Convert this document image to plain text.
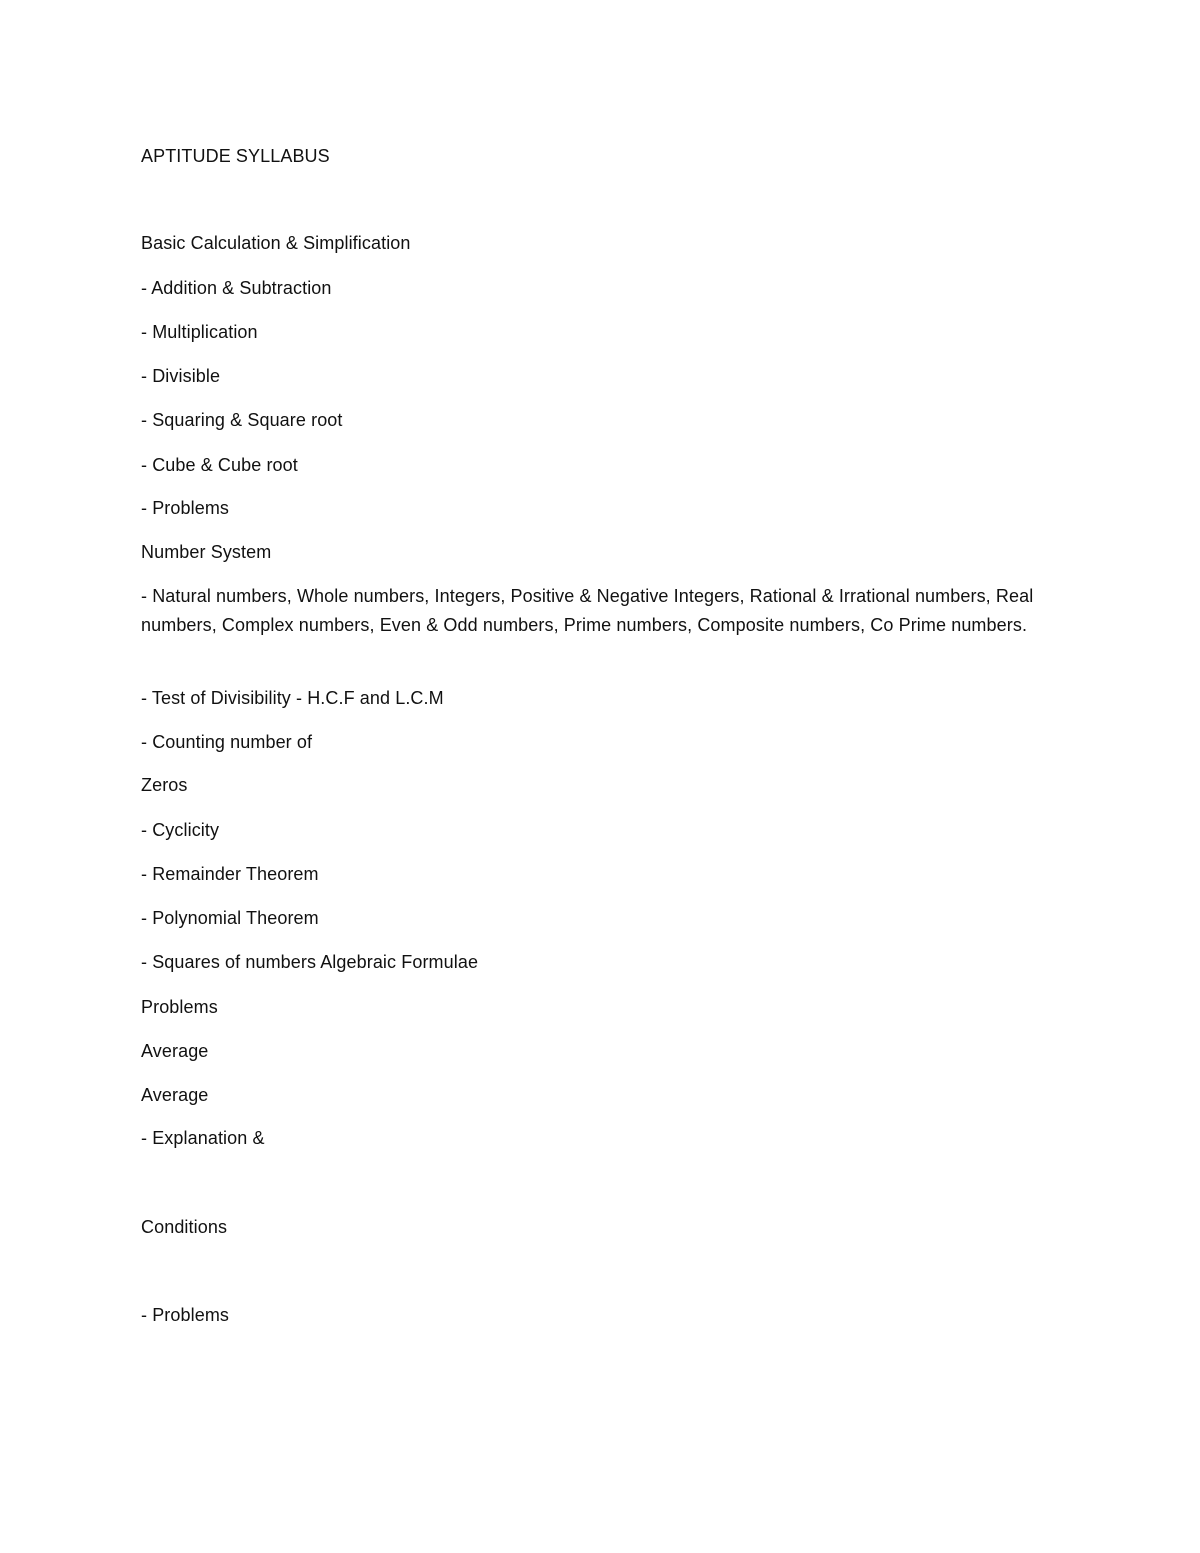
APTITUDE SYLLABUS
Basic Calculation & Simplification
- Addition & Subtraction
- Multiplication
- Divisible
- Squaring & Square root
- Cube & Cube root
- Problems
Number System
- Natural numbers, Whole numbers, Integers, Positive & Negative Integers, Rational & Irrational numbers, Real numbers, Complex numbers, Even & Odd numbers, Prime numbers, Composite numbers, Co Prime numbers.
- Test of Divisibility - H.C.F and L.C.M
- Counting number of
Zeros
- Cyclicity
- Remainder Theorem
- Polynomial Theorem
- Squares of numbers Algebraic Formulae
Problems
Average
Average
- Explanation &
Conditions
- Problems
